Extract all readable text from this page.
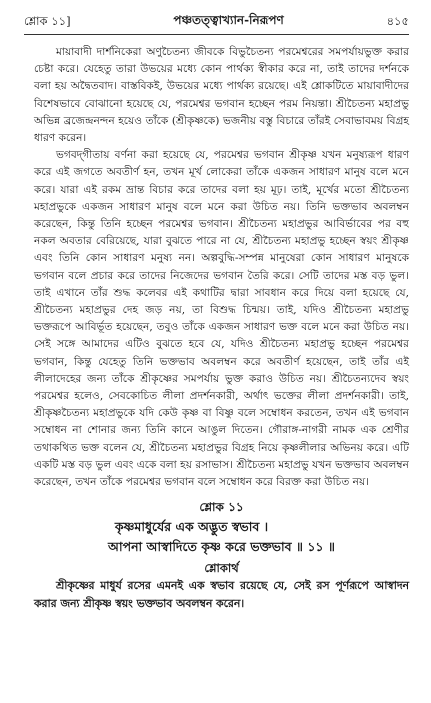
শ্লোক ১১]	পঞ্চতত্ত্বাখ্যান-নিরূপণ	৪১৫

মায়াবাদী দার্শনিকেরা অণুচৈতন্য জীবকে বিভুচৈতন্য পরমেশ্বরের সমপর্যায়ভুক্ত করার চেষ্টা করে। যেহেতু তারা উভয়ের মধ্যে কোন পার্থক্য স্বীকার করে না, তাই তাদের দর্শনকে বলা হয় অদ্বৈতবাদ। বাস্তবিকই, উভয়ের মধ্যে পার্থক্য রয়েছে। এই শ্লোকটিতে মায়াবাদীদের বিশেষভাবে বোঝানো হয়েছে যে, পরমেশ্বর ভগবান হচ্ছেন পরম নিয়ন্তা। শ্রীচৈতন্য মহাপ্রভু অভিন্ন ব্রজেন্দ্রনন্দন হয়েও তাঁকে (শ্রীকৃষ্ণকে) ভজনীয় বস্তু বিচারে তাঁরই সেবাভাবময় বিগ্রহ ধারণ করেন।

ভগবদ্‌গীতায় বর্ণনা করা হয়েছে যে, পরমেশ্বর ভগবান শ্রীকৃষ্ণ যখন মনুষ্যরূপ ধারণ করে এই জগতে অবতীর্ণ হন, তখন মূর্খ লোকেরা তাঁকে একজন সাধারণ মানুষ বলে মনে করে। যারা এই রকম ভ্রান্ত বিচার করে তাদের বলা হয় মূঢ়। তাই, মূর্খের মতো শ্রীচৈতন্য মহাপ্রভুকে একজন সাধারণ মানুষ বলে মনে করা উচিত নয়। তিনি ভক্তভাব অবলম্বন করেছেন, কিন্তু তিনি হচ্ছেন পরমেশ্বর ভগবান। শ্রীচৈতন্য মহাপ্রভুর আবির্ভাবের পর বহু নকল অবতার বেরিয়েছে, যারা বুঝতে পারে না যে, শ্রীচৈতন্য মহাপ্রভু হচ্ছেন স্বয়ং শ্রীকৃষ্ণ এবং তিনি কোন সাধারণ মনুষ্য নন। অল্পবুদ্ধি-সম্পন্ন মানুষেরা কোন সাধারণ মানুষকে ভগবান বলে প্রচার করে তাদের নিজেদের ভগবান তৈরি করে। সেটি তাদের মস্ত বড় ভুল। তাই এখানে তাঁর শুদ্ধ কলেবর এই কথাটির দ্বারা সাবধান করে দিয়ে বলা হয়েছে যে, শ্রীচৈতন্য মহাপ্রভুর দেহ জড় নয়, তা বিশুদ্ধ চিন্ময়। তাই, যদিও শ্রীচৈতন্য মহাপ্রভু ভক্তরূপে আবির্ভূত হয়েছেন, তবুও তাঁকে একজন সাধারণ ভক্ত বলে মনে করা উচিত নয়। সেই সঙ্গে আমাদের এটিও বুঝতে হবে যে, যদিও শ্রীচৈতন্য মহাপ্রভু হচ্ছেন পরমেশ্বর ভগবান, কিন্তু যেহেতু তিনি ভক্তভাব অবলম্বন করে অবতীর্ণ হয়েছেন, তাই তাঁর এই লীলাদেহের জন্য তাঁকে শ্রীকৃষ্ণের সমপর্যায় ভুক্ত করাও উচিত নয়। শ্রীচৈতন্যদেব স্বয়ং পরমেশ্বর হলেও, সেবকোচিত লীলা প্রদর্শনকারী, অর্থাৎ ভক্তের লীলা প্রদর্শনকারী। তাই, শ্রীকৃষ্ণচৈতন্য মহাপ্রভুকে যদি কেউ কৃষ্ণ বা বিষ্ণু বলে সম্বোধন করতেন, তখন এই ভগবান সম্বোধন না শোনার জন্য তিনি কানে আঙুল দিতেন। গৌরাঙ্গ-নাগরী নামক এক শ্রেণীর তথাকথিত ভক্ত বলেন যে, শ্রীচৈতন্য মহাপ্রভুর বিগ্রহ নিয়ে কৃষ্ণলীলার অভিনয় করে। এটি একটি মস্ত বড় ভুল এবং একে বলা হয় রসাভাস। শ্রীচৈতন্য মহাপ্রভু যখন ভক্তভাব অবলম্বন করেছেন, তখন তাঁকে পরমেশ্বর ভগবান বলে সম্বোধন করে বিরক্ত করা উচিত নয়।

শ্লোক ১১
কৃষ্ণমাধুর্যের এক অদ্ভুত স্বভাব ।
আপনা আস্বাদিতে কৃষ্ণ করে ভক্তভাব ॥ ১১ ॥
শ্লোকার্থ

শ্রীকৃষ্ণের মাধুর্য রসের এমনই এক স্বভাব রয়েছে যে, সেই রস পূর্ণরূপে আস্বাদন করার জন্য শ্রীকৃষ্ণ স্বয়ং ভক্তভাব অবলম্বন করেন।
